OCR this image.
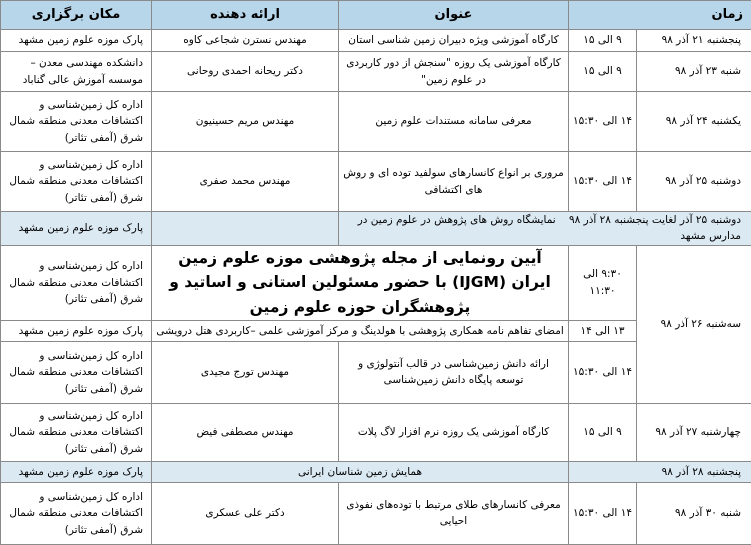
زمان		عنوان	ارائه دهنده	مکان برگزاری
پنجشنبه ۲۱ آذر ۹۸	۹ الی ۱۵	کارگاه آموزشی ویژه دبیران زمین شناسی استان	مهندس نسترن شجاعی کاوه	پارک موزه علوم زمین مشهد
شنبه ۲۳ آذر ۹۸	۹ الی ۱۵	کارگاه آموزشی یک روزه "سنجش از دور کاربردی در علوم زمین"	دکتر ریحانه احمدی روحانی	دانشکده مهندسی معدن – موسسه آموزش عالی گناباد
یکشنبه ۲۴ آذر ۹۸	۱۴ الی ۱۵:۳۰	معرفی سامانه مستندات علوم زمین	مهندس مریم حسینیون	اداره کل زمین‌شناسی و اکتشافات معدنی منطقه شمال شرق (آمفی تئاتر)
دوشنبه ۲۵ آذر ۹۸	۱۴ الی ۱۵:۳۰	مروری بر انواع کانسارهای سولفید توده ای و روش های اکتشافی	مهندس محمد صفری	اداره کل زمین‌شناسی و اکتشافات معدنی منطقه شمال شرق (آمفی تئاتر)
دوشنبه ۲۵ آذر لغایت پنجشنبه ۲۸ آذر ۹۸    نمایشگاه روش های پژوهش در علوم زمین در مدارس مشهد				پارک موزه علوم زمین مشهد
سه‌شنبه ۲۶ آذر ۹۸	۹:۳۰ الی ۱۱:۳۰	آیین رونمایی از مجله پژوهشی موزه علوم زمین ایران (IJGM) با حضور مسئولین استانی و اساتید و پژوهشگران حوزه علوم زمین		اداره کل زمین‌شناسی و اکتشافات معدنی منطقه شمال شرق (آمفی تئاتر)
	۱۳ الی ۱۴	امضای تفاهم نامه همکاری پژوهشی با هولدینگ و مرکز آموزشی علمی –کاربردی هتل درویشی		پارک موزه علوم زمین مشهد
	۱۴ الی ۱۵:۳۰	ارائه دانش زمین‌شناسی در قالب آنتولوژی و توسعه پایگاه دانش زمین‌شناسی	مهندس تورج مجیدی	اداره کل زمین‌شناسی و اکتشافات معدنی منطقه شمال شرق (آمفی تئاتر)
چهارشنبه ۲۷ آذر ۹۸	۹ الی ۱۵	کارگاه آموزشی یک روزه نرم افزار لاگ پلات	مهندس مصطفی فیض	اداره کل زمین‌شناسی و اکتشافات معدنی منطقه شمال شرق (آمفی تئاتر)
پنجشنبه ۲۸ آذر ۹۸		همایش زمین شناسان ایرانی		پارک موزه علوم زمین مشهد
شنبه ۳۰ آذر ۹۸	۱۴ الی ۱۵:۳۰	معرفی کانسارهای طلای مرتبط با توده‌های نفوذی احیایی	دکتر علی عسکری	اداره کل زمین‌شناسی و اکتشافات معدنی منطقه شمال شرق (آمفی تئاتر)
